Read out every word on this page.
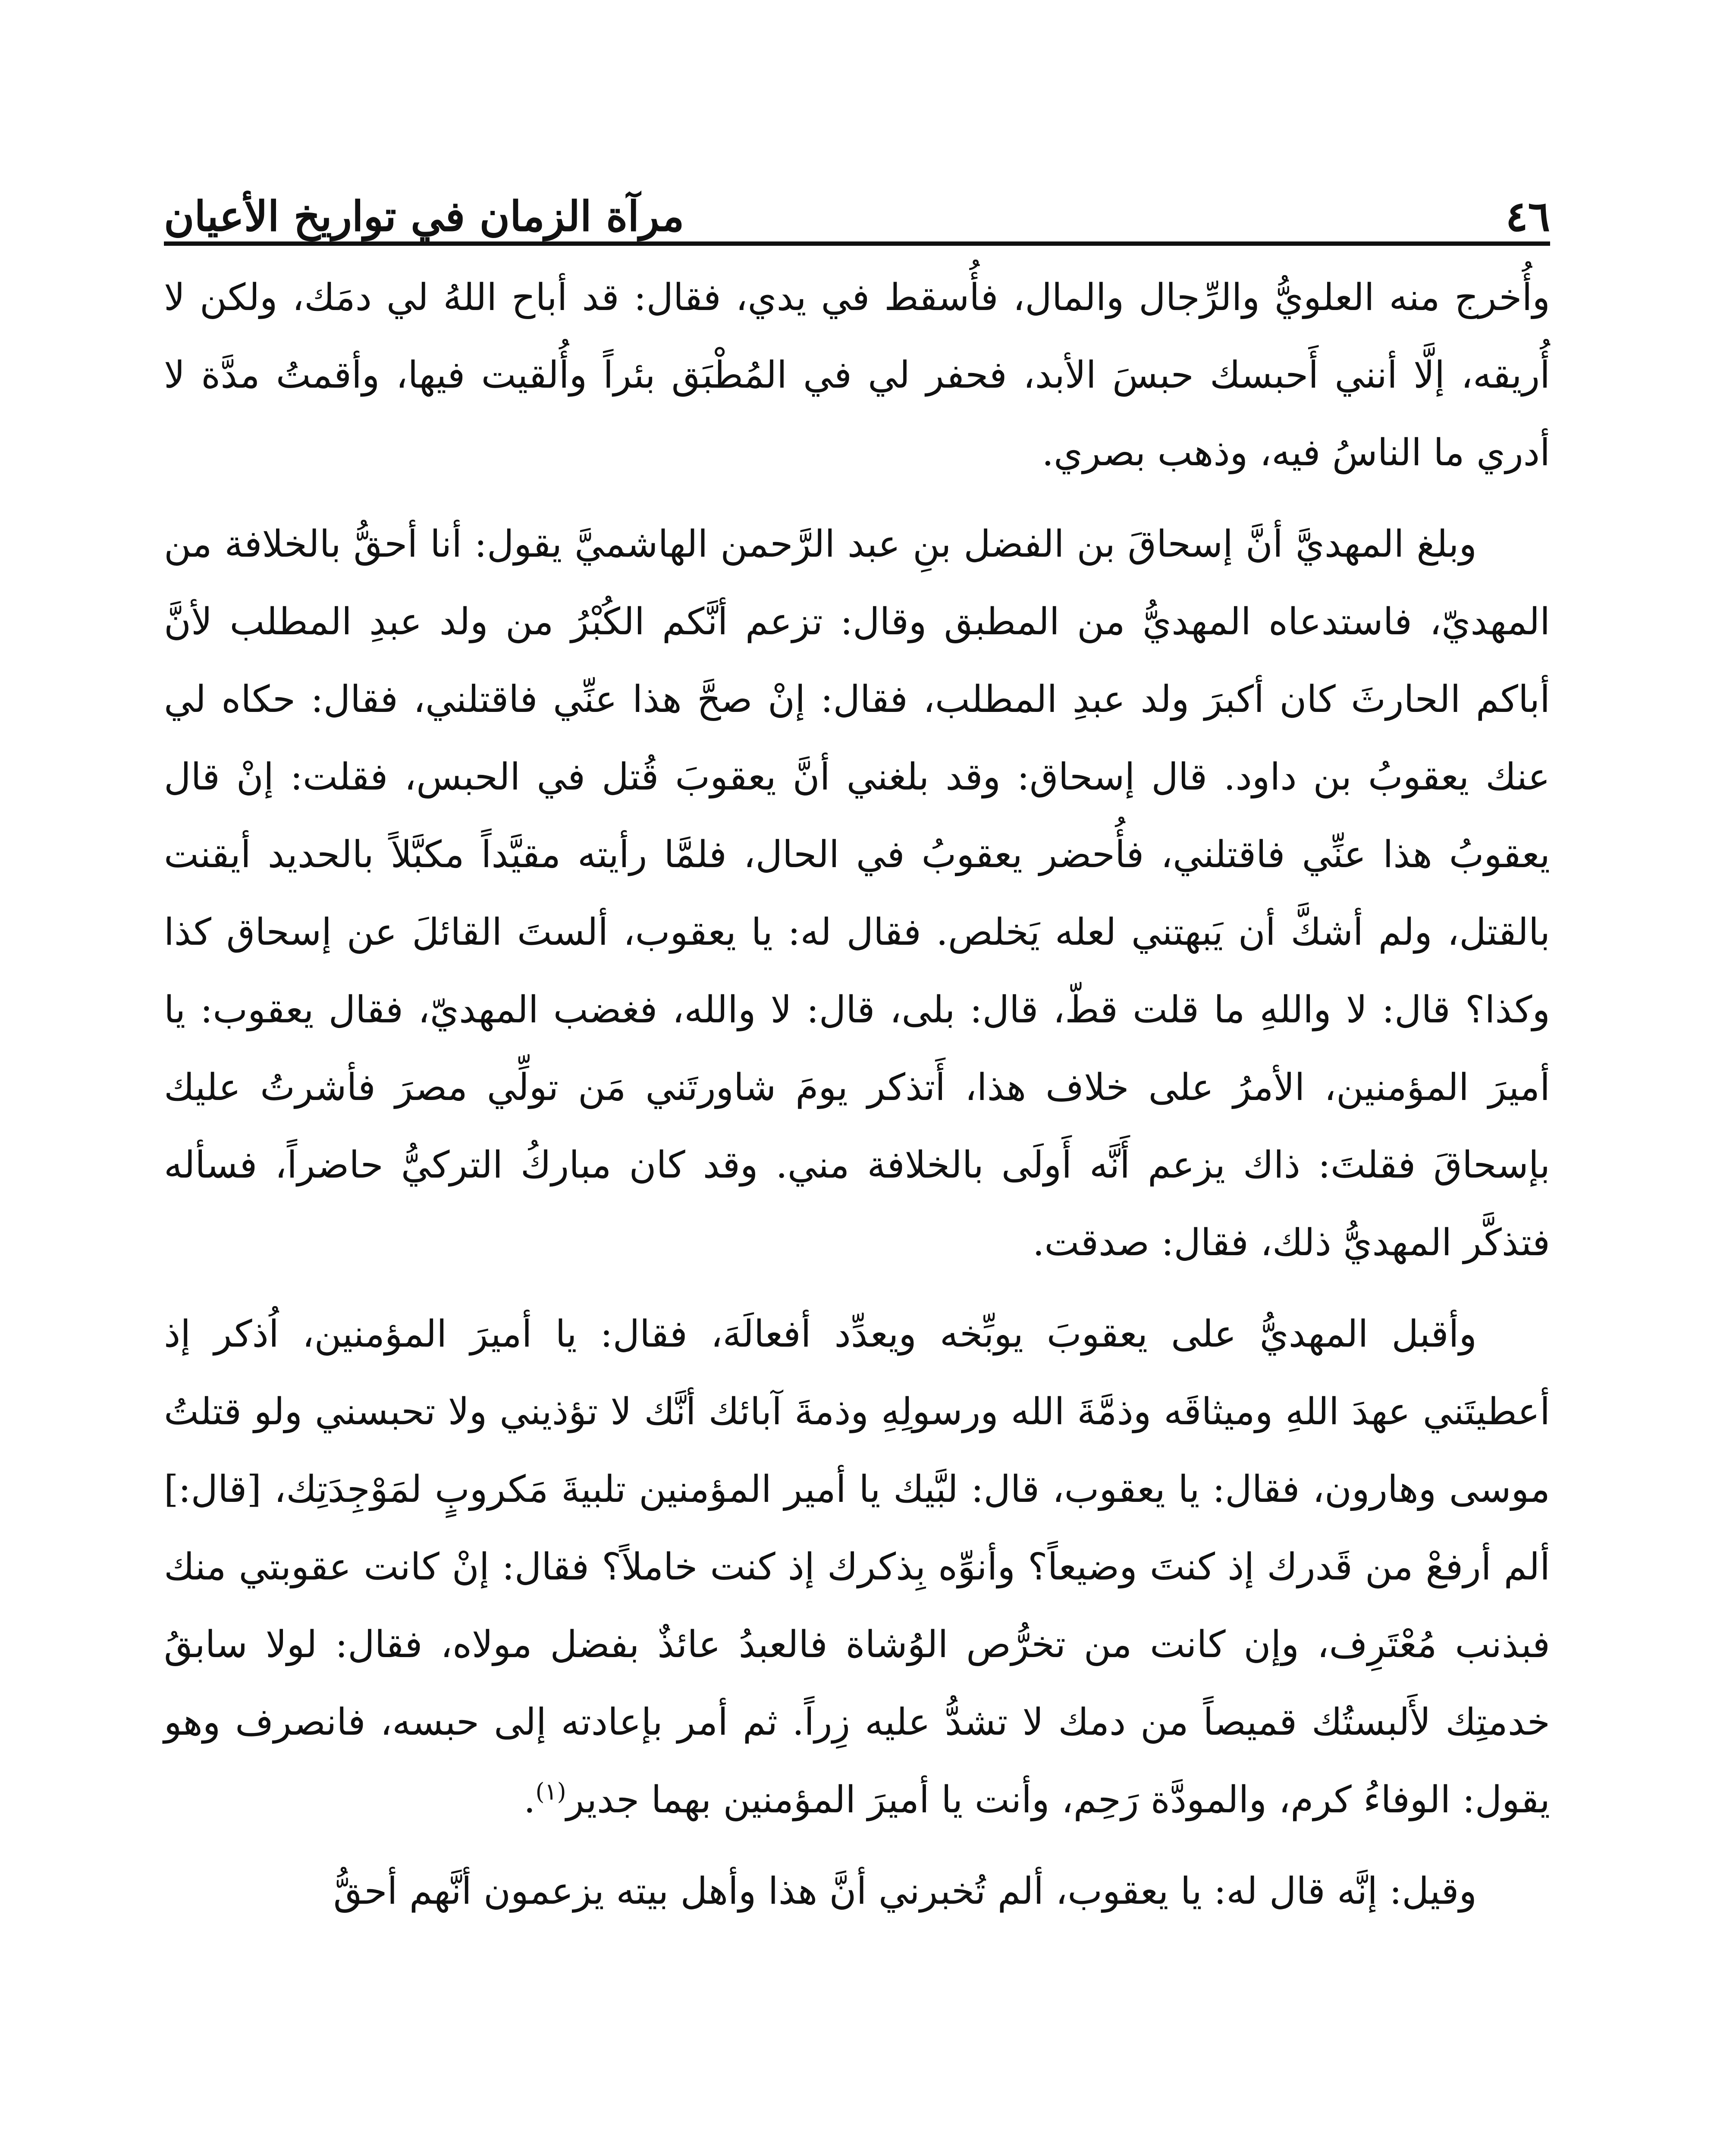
٤٦
مرآة الزمان في تواريخ الأعيان

وأُخرج منه العلويُّ والرِّجال والمال، فأُسقط في يدي، فقال: قد أباح اللهُ لي دمَك، ولكن لا أُريقه، إلَّا أنني أَحبسك حبسَ الأبد، فحفر لي في المُطْبَق بئراً وأُلقيت فيها، وأقمتُ مدَّة لا أدري ما الناسُ فيه، وذهب بصري.

وبلغ المهديَّ أنَّ إسحاقَ بن الفضل بنِ عبد الرَّحمن الهاشميَّ يقول: أنا أحقُّ بالخلافة من المهديّ، فاستدعاه المهديُّ من المطبق وقال: تزعم أنَّكم الكُبْرُ من ولد عبدِ المطلب لأنَّ أباكم الحارثَ كان أكبرَ ولد عبدِ المطلب، فقال: إنْ صحَّ هذا عنِّي فاقتلني، فقال: حكاه لي عنك يعقوبُ بن داود. قال إسحاق: وقد بلغني أنَّ يعقوبَ قُتل في الحبس، فقلت: إنْ قال يعقوبُ هذا عنِّي فاقتلني، فأُحضر يعقوبُ في الحال، فلمَّا رأيته مقيَّداً مكبَّلاً بالحديد أيقنت بالقتل، ولم أشكَّ أن يَبهتني لعله يَخلص. فقال له: يا يعقوب، ألستَ القائلَ عن إسحاق كذا وكذا؟ قال: لا واللهِ ما قلت قطّ، قال: بلى، قال: لا والله، فغضب المهديّ، فقال يعقوب: يا أميرَ المؤمنين، الأمرُ على خلاف هذا، أَتذكر يومَ شاورتَني مَن تولِّي مصرَ فأشرتُ عليك بإسحاقَ فقلتَ: ذاك يزعم أَنَّه أَولَى بالخلافة مني. وقد كان مباركُ التركيُّ حاضراً، فسأله فتذكَّر المهديُّ ذلك، فقال: صدقت.

وأقبل المهديُّ على يعقوبَ يوبِّخه ويعدِّد أفعالَهَ، فقال: يا أميرَ المؤمنين، اُذكر إذ أعطيتَني عهدَ اللهِ وميثاقَه وذمَّةَ الله ورسولِهِ وذمةَ آبائك أنَّك لا تؤذيني ولا تحبسني ولو قتلتُ موسى وهارون، فقال: يا يعقوب، قال: لبَّيك يا أمير المؤمنين تلبيةَ مَكروبٍ لمَوْجِدَتِك، [قال:] ألم أرفعْ من قَدرك إذ كنتَ وضيعاً؟ وأنوِّه بِذكرك إذ كنت خاملاً؟ فقال: إنْ كانت عقوبتي منك فبذنب مُعْتَرِف، وإن كانت من تخرُّص الوُشاة فالعبدُ عائذٌ بفضل مولاه، فقال: لولا سابقُ خدمتِك لأَلبستُك قميصاً من دمك لا تشدُّ عليه زِراً. ثم أمر بإعادته إلى حبسه، فانصرف وهو يقول: الوفاءُ كرم، والمودَّة رَحِم، وأنت يا أميرَ المؤمنين بهما جدير$^{(١)}$.

وقيل: إنَّه قال له: يا يعقوب، ألم تُخبرني أنَّ هذا وأهل بيته يزعمون أنَّهم أحقُّ
